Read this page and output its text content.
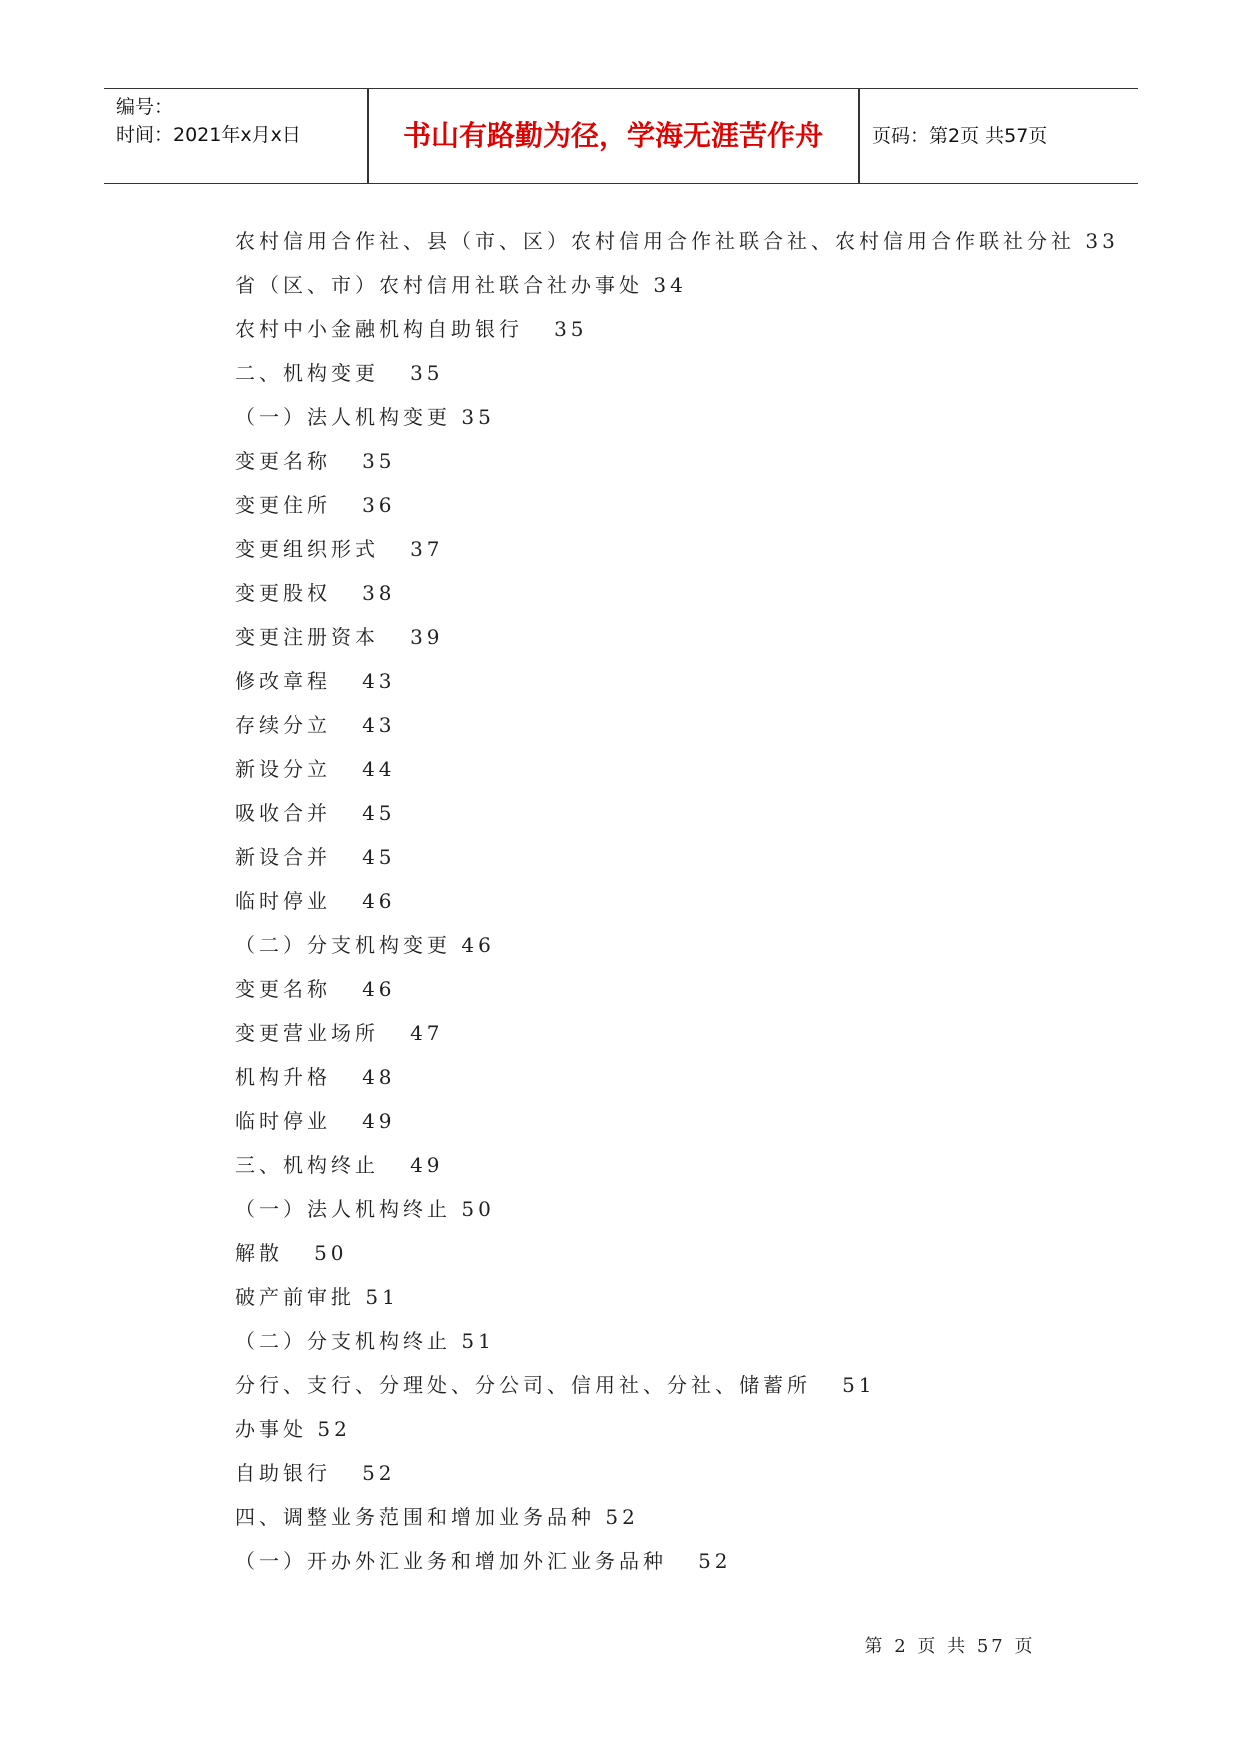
编号：
时间：2021年x月x日	书山有路勤为径，学海无涯苦作舟	页码：第2页 共57页
农村信用合作社、县（市、区）农村信用合作社联合社、农村信用合作联社分社 33
省（区、市）农村信用社联合社办事处 34
农村中小金融机构自助银行   35
二、机构变更   35
（一）法人机构变更 35
变更名称   35
变更住所   36
变更组织形式   37
变更股权   38
变更注册资本   39
修改章程   43
存续分立   43
新设分立   44
吸收合并   45
新设合并   45
临时停业   46
（二）分支机构变更 46
变更名称   46
变更营业场所   47
机构升格   48
临时停业   49
三、机构终止   49
（一）法人机构终止 50
解散   50
破产前审批 51
（二）分支机构终止 51
分行、支行、分理处、分公司、信用社、分社、储蓄所   51
办事处 52
自助银行   52
四、调整业务范围和增加业务品种 52
（一）开办外汇业务和增加外汇业务品种   52
第 2 页 共 57 页
